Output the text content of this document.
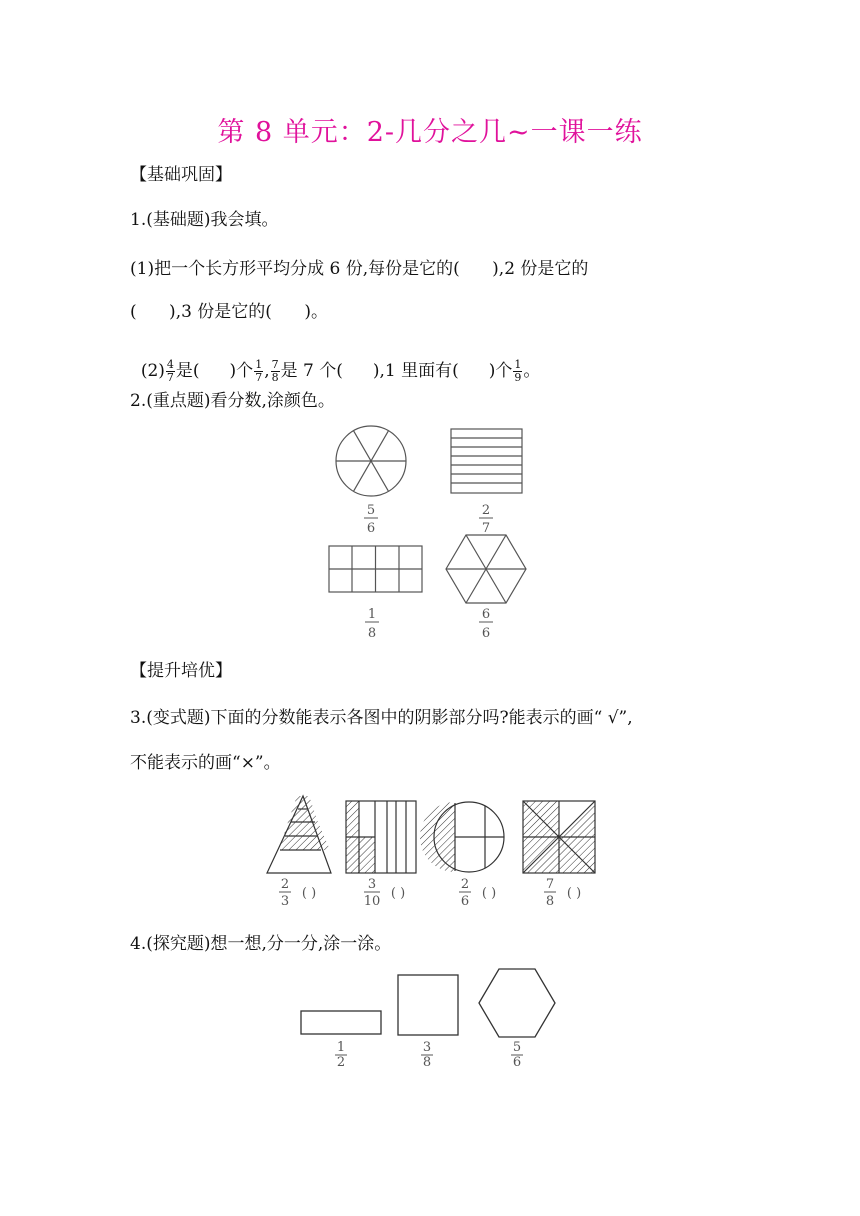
第 8 单元：2-几分之几~一课一练
【基础巩固】
1.(基础题)我会填。
(1)把一个长方形平均分成 6 份,每份是它的(      ),2 份是它的
(      ),3 份是它的(      )。

$(2) \frac{4}{7}$ 是( )个 $\frac{1}{7}$ , $\frac{7}{8}$ 是 7 个( ),1 里面有( )个 $\frac{1}{9}$ 。

2.(重点题)看分数,涂颜色。
5
6
2
7
1
8
6
6
【提升培优】
3.(变式题)下面的分数能表示各图中的阴影部分吗?能表示的画“ √”,
不能表示的画“×”。
2
3
( )
3
10
( )
2
6
( )
7
8
( )
4.(探究题)想一想,分一分,涂一涂。
1
2
3
8
5
6
